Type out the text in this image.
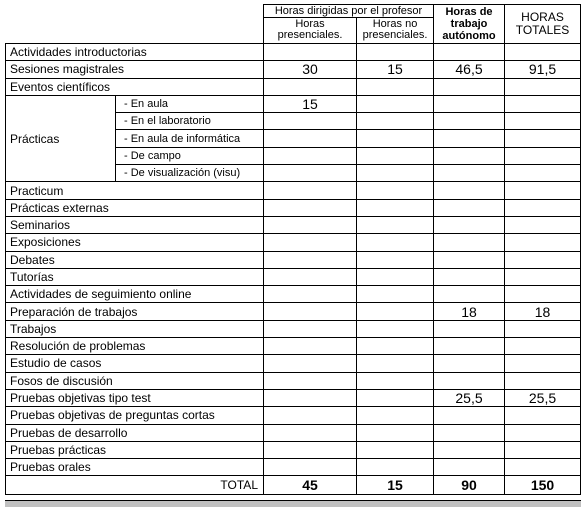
		Horas dirigidas por el profesor		Horas de trabajo autónomo	HORAS TOTALES
		Horas presenciales.	Horas no presenciales.		
Actividades introductorias					
Sesiones magistrales		30	15	46,5	91,5
Eventos científicos					
Prácticas	- En aula	15			
	- En el laboratorio				
	- En aula de informática				
	- De campo				
	- De visualización (visu)				
Practicum					
Prácticas externas					
Seminarios					
Exposiciones					
Debates					
Tutorías					
Actividades de seguimiento online					
Preparación de trabajos				18	18
Trabajos					
Resolución de problemas					
Estudio de casos					
Fosos de discusión					
Pruebas objetivas tipo test				25,5	25,5
Pruebas objetivas de preguntas cortas					
Pruebas de desarrollo					
Pruebas prácticas					
Pruebas orales					
TOTAL		45	15	90	150
